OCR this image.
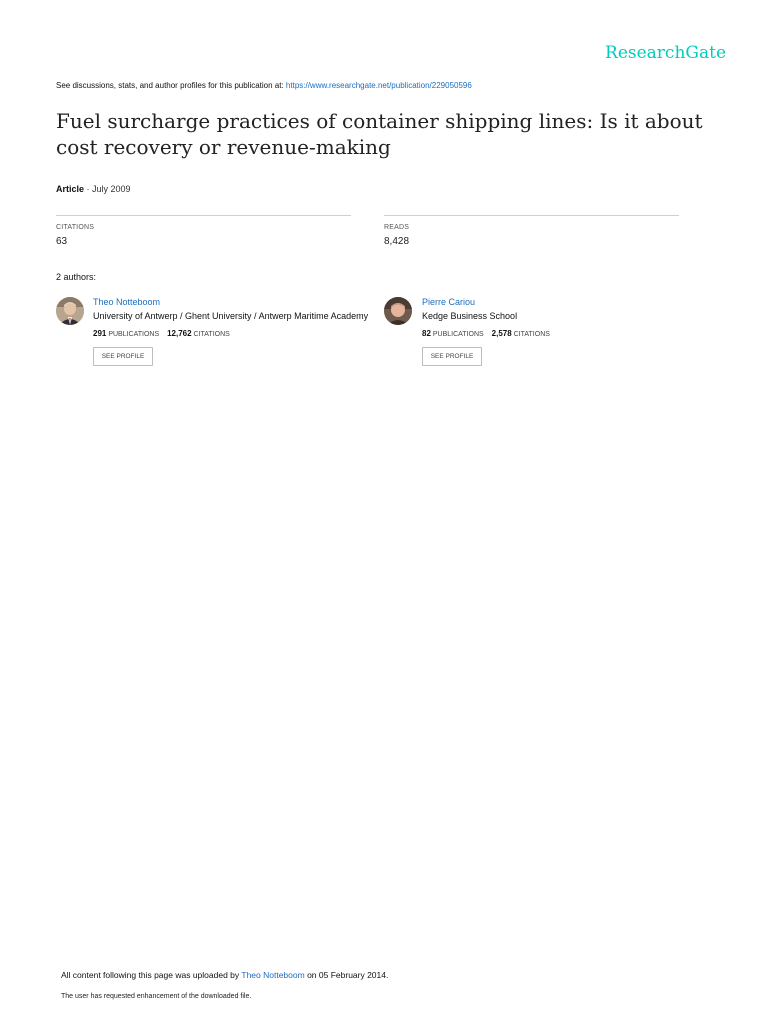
ResearchGate
See discussions, stats, and author profiles for this publication at: https://www.researchgate.net/publication/229050596
Fuel surcharge practices of container shipping lines: Is it about cost recovery or revenue-making
Article · July 2009
CITATIONS
63
READS
8,428
2 authors:
Theo Notteboom
University of Antwerp / Ghent University / Antwerp Maritime Academy
291 PUBLICATIONS 12,762 CITATIONS
SEE PROFILE
Pierre Cariou
Kedge Business School
82 PUBLICATIONS 2,578 CITATIONS
SEE PROFILE
All content following this page was uploaded by Theo Notteboom on 05 February 2014.
The user has requested enhancement of the downloaded file.
